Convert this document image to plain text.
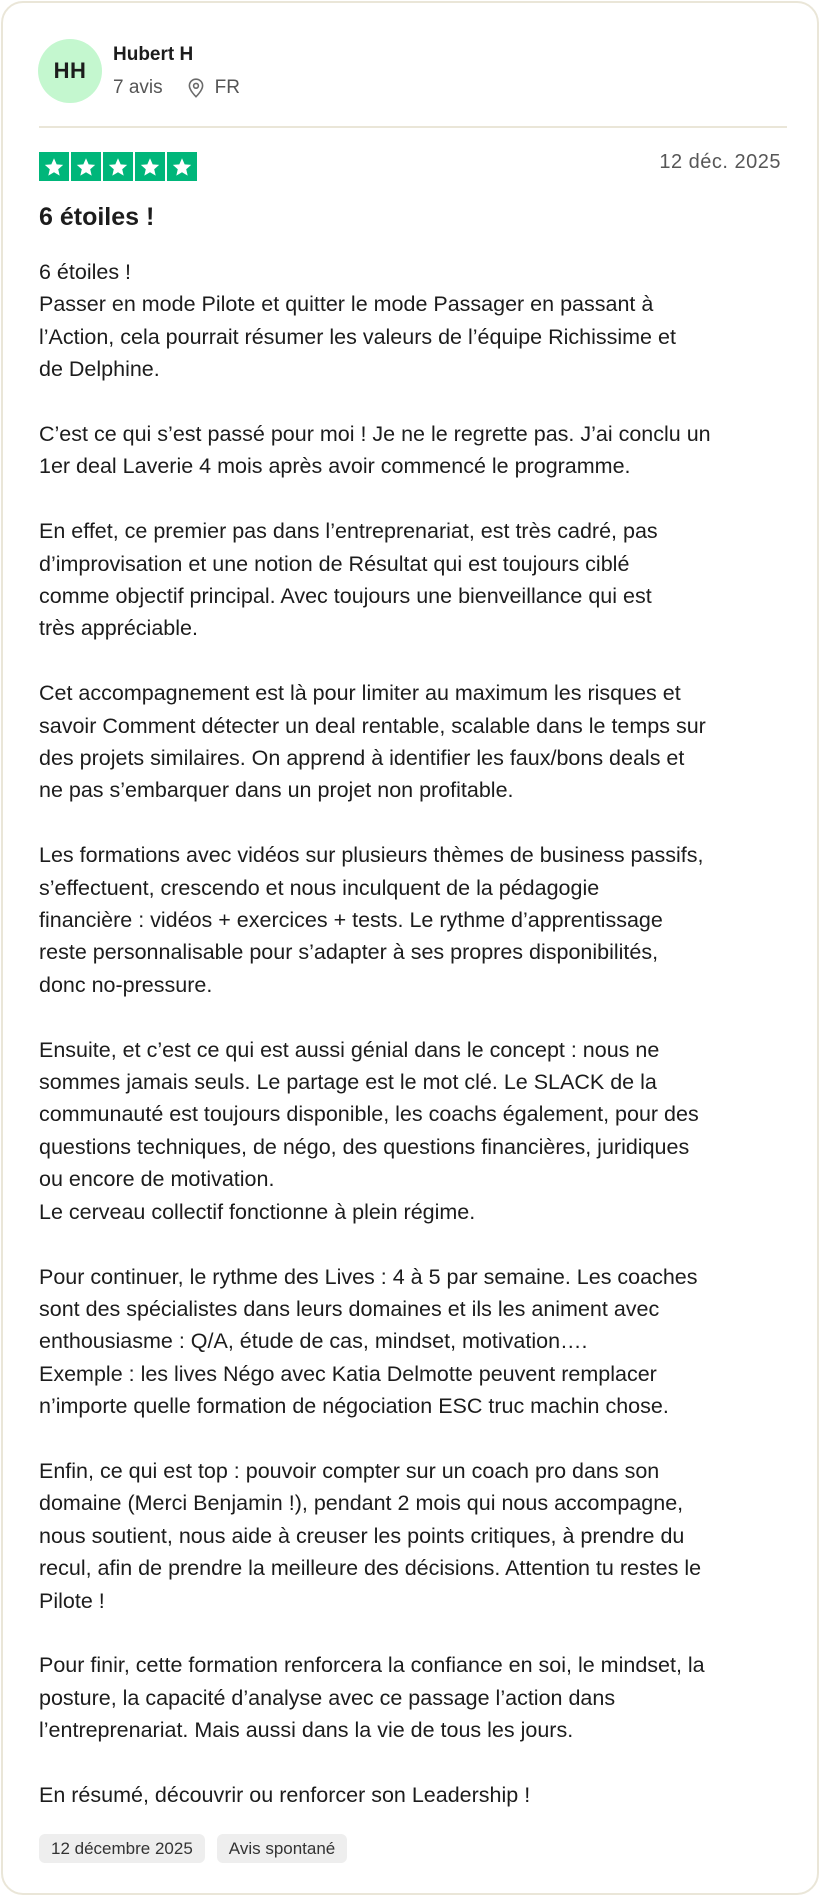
HH
Hubert H
7 avis	FR
12 déc. 2025
6 étoiles !

6 étoiles !
Passer en mode Pilote et quitter le mode Passager en passant à
l’Action, cela pourrait résumer les valeurs de l’équipe Richissime et
de Delphine.

C’est ce qui s’est passé pour moi ! Je ne le regrette pas. J’ai conclu un
1er deal Laverie 4 mois après avoir commencé le programme.

En effet, ce premier pas dans l’entreprenariat, est très cadré, pas
d’improvisation et une notion de Résultat qui est toujours ciblé
comme objectif principal. Avec toujours une bienveillance qui est
très appréciable.

Cet accompagnement est là pour limiter au maximum les risques et
savoir Comment détecter un deal rentable, scalable dans le temps sur
des projets similaires. On apprend à identifier les faux/bons deals et
ne pas s’embarquer dans un projet non profitable.

Les formations avec vidéos sur plusieurs thèmes de business passifs,
s’effectuent, crescendo et nous inculquent de la pédagogie
financière : vidéos + exercices + tests. Le rythme d’apprentissage
reste personnalisable pour s’adapter à ses propres disponibilités,
donc no-pressure.

Ensuite, et c’est ce qui est aussi génial dans le concept : nous ne
sommes jamais seuls. Le partage est le mot clé. Le SLACK de la
communauté est toujours disponible, les coachs également, pour des
questions techniques, de négo, des questions financières, juridiques
ou encore de motivation.
Le cerveau collectif fonctionne à plein régime.

Pour continuer, le rythme des Lives : 4 à 5 par semaine. Les coaches
sont des spécialistes dans leurs domaines et ils les animent avec
enthousiasme : Q/A, étude de cas, mindset, motivation….
Exemple : les lives Négo avec Katia Delmotte peuvent remplacer
n’importe quelle formation de négociation ESC truc machin chose.

Enfin, ce qui est top : pouvoir compter sur un coach pro dans son
domaine (Merci Benjamin !), pendant 2 mois qui nous accompagne,
nous soutient, nous aide à creuser les points critiques, à prendre du
recul, afin de prendre la meilleure des décisions. Attention tu restes le
Pilote !

Pour finir, cette formation renforcera la confiance en soi, le mindset, la
posture, la capacité d’analyse avec ce passage l’action dans
l’entreprenariat. Mais aussi dans la vie de tous les jours.

En résumé, découvrir ou renforcer son Leadership !

12 décembre 2025	Avis spontané
